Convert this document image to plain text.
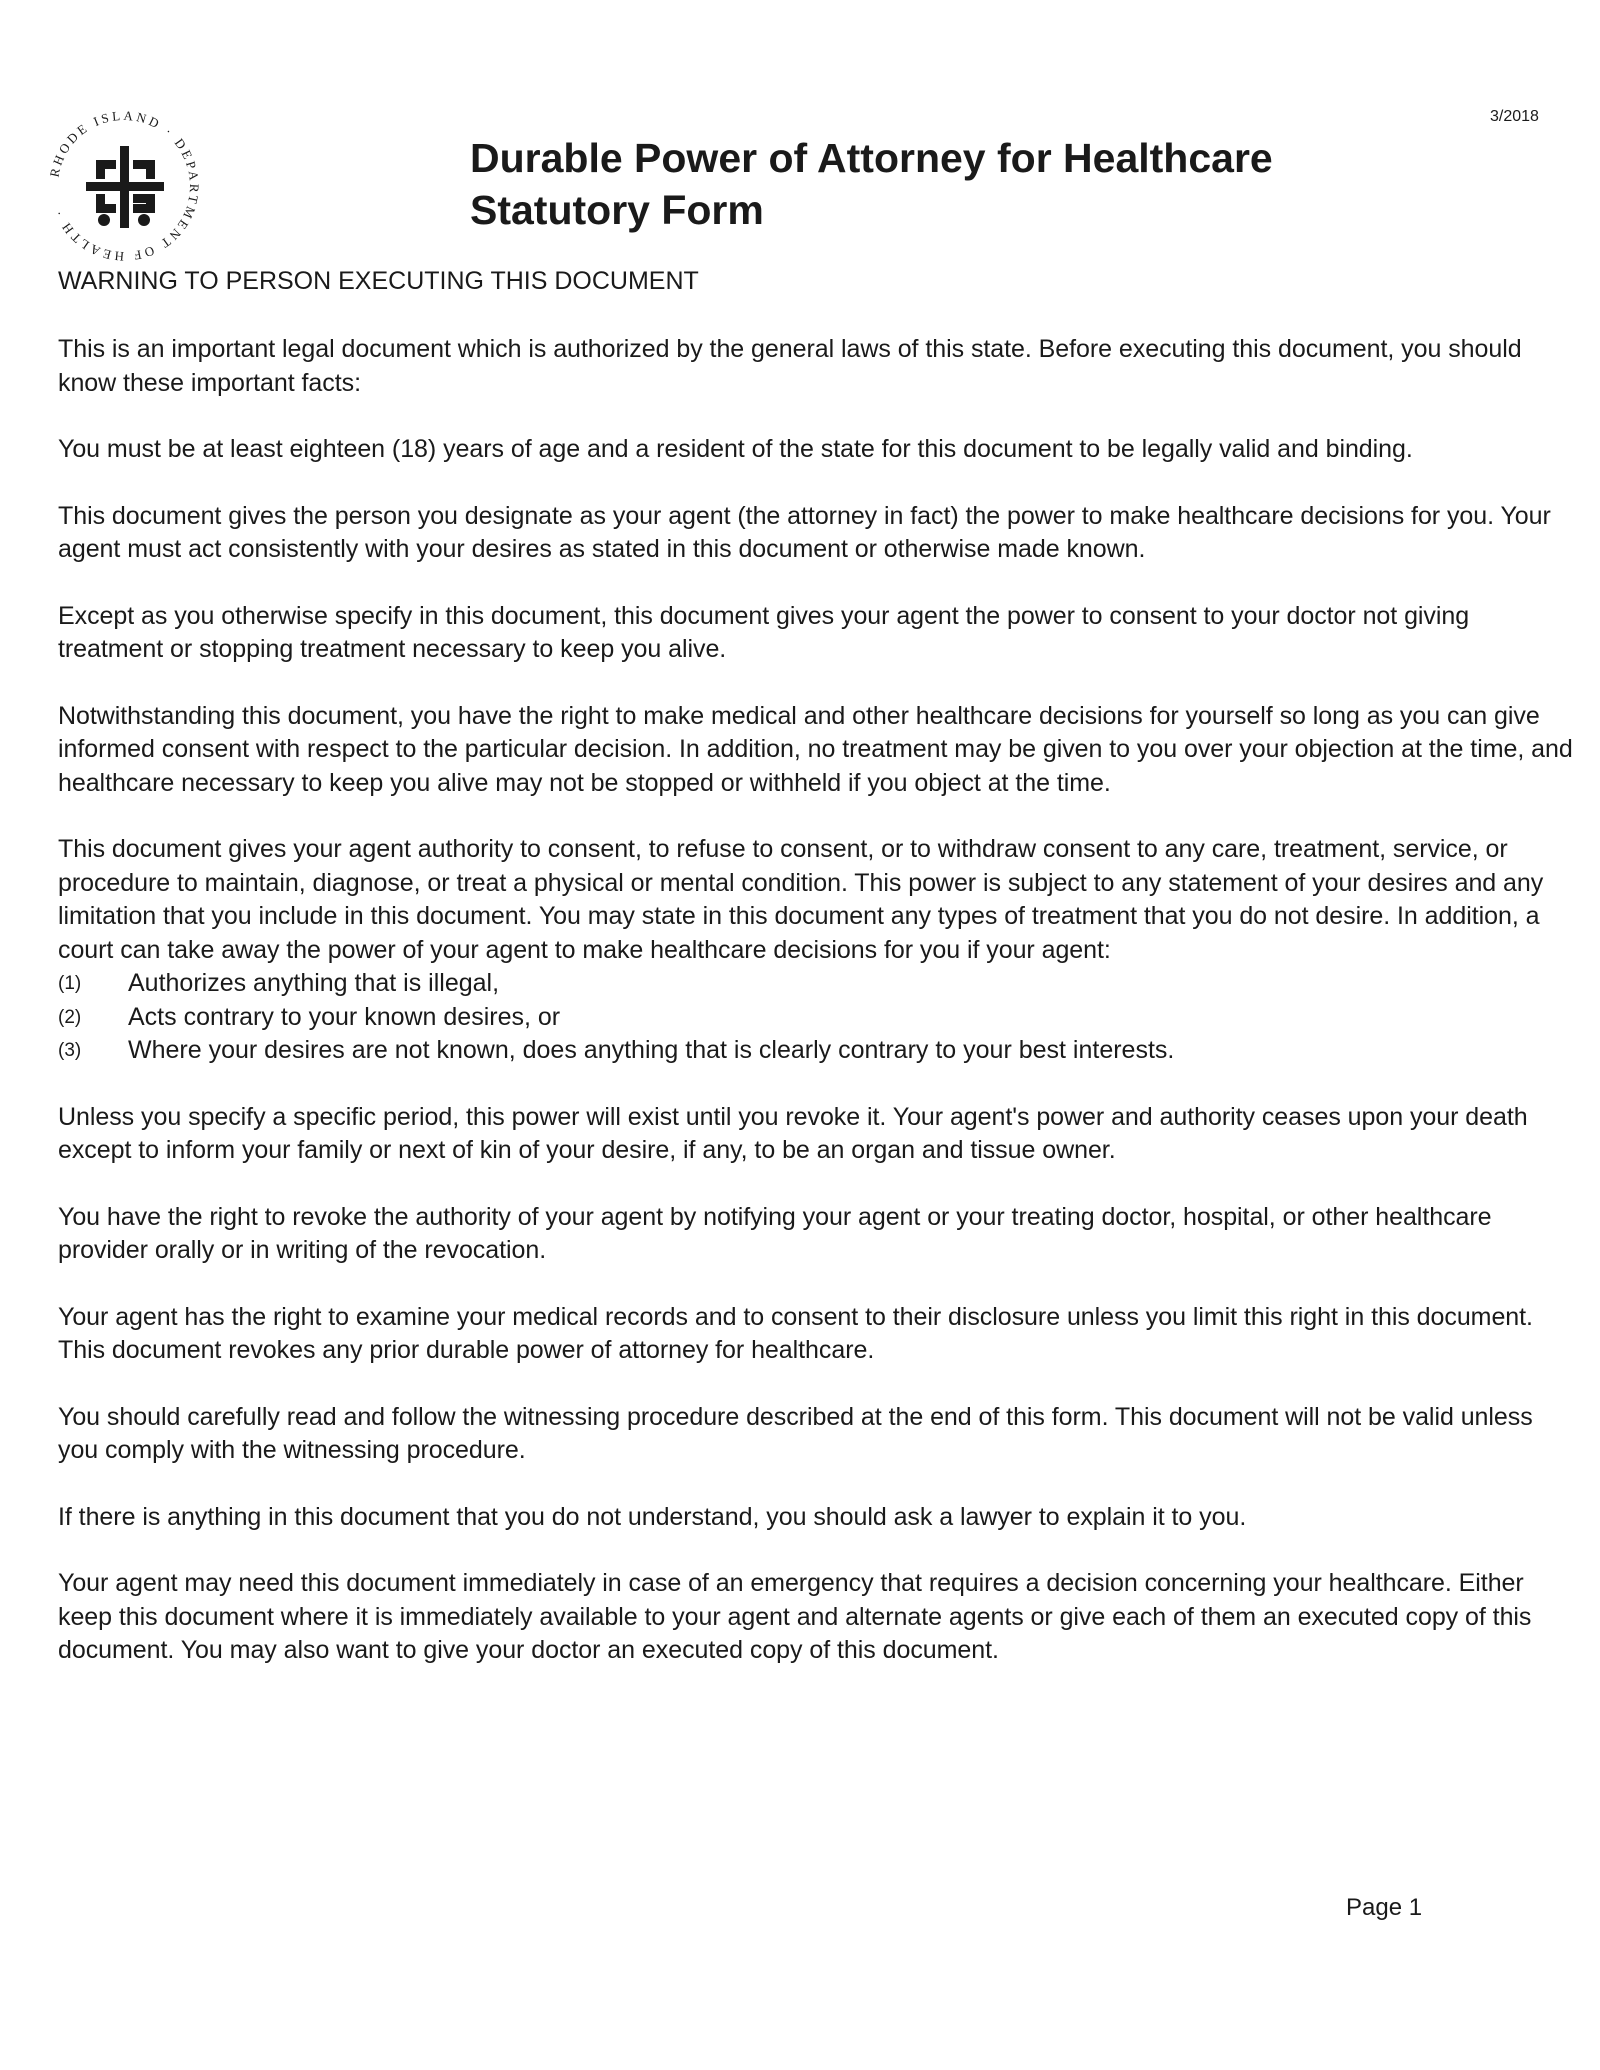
RHODE ISLAND · DEPARTMENT OF HEALTH ·
3/2018
Durable Power of Attorney for Healthcare
Statutory Form
WARNING TO PERSON EXECUTING THIS DOCUMENT

This is an important legal document which is authorized by the general laws of this state. Before executing this document, you should know these important facts:

You must be at least eighteen (18) years of age and a resident of the state for this document to be legally valid and binding.

This document gives the person you designate as your agent (the attorney in fact) the power to make healthcare decisions for you. Your agent must act consistently with your desires as stated in this document or otherwise made known.

Except as you otherwise specify in this document, this document gives your agent the power to consent to your doctor not giving treatment or stopping treatment necessary to keep you alive.

Notwithstanding this document, you have the right to make medical and other healthcare decisions for yourself so long as you can give informed consent with respect to the particular decision. In addition, no treatment may be given to you over your objection at the time, and healthcare necessary to keep you alive may not be stopped or withheld if you object at the time.

This document gives your agent authority to consent, to refuse to consent, or to withdraw consent to any care, treatment, service, or procedure to maintain, diagnose, or treat a physical or mental condition. This power is subject to any statement of your desires and any limitation that you include in this document. You may state in this document any types of treatment that you do not desire. In addition, a court can take away the power of your agent to make healthcare decisions for you if your agent:

(1)	Authorizes anything that is illegal,
(2)	Acts contrary to your known desires, or
(3)	Where your desires are not known, does anything that is clearly contrary to your best interests.

Unless you specify a specific period, this power will exist until you revoke it. Your agent's power and authority ceases upon your death except to inform your family or next of kin of your desire, if any, to be an organ and tissue owner.

You have the right to revoke the authority of your agent by notifying your agent or your treating doctor, hospital, or other healthcare provider orally or in writing of the revocation.

Your agent has the right to examine your medical records and to consent to their disclosure unless you limit this right in this document. This document revokes any prior durable power of attorney for healthcare.

You should carefully read and follow the witnessing procedure described at the end of this form. This document will not be valid unless you comply with the witnessing procedure.

If there is anything in this document that you do not understand, you should ask a lawyer to explain it to you.

Your agent may need this document immediately in case of an emergency that requires a decision concerning your healthcare. Either keep this document where it is immediately available to your agent and alternate agents or give each of them an executed copy of this document. You may also want to give your doctor an executed copy of this document.

Page 1
